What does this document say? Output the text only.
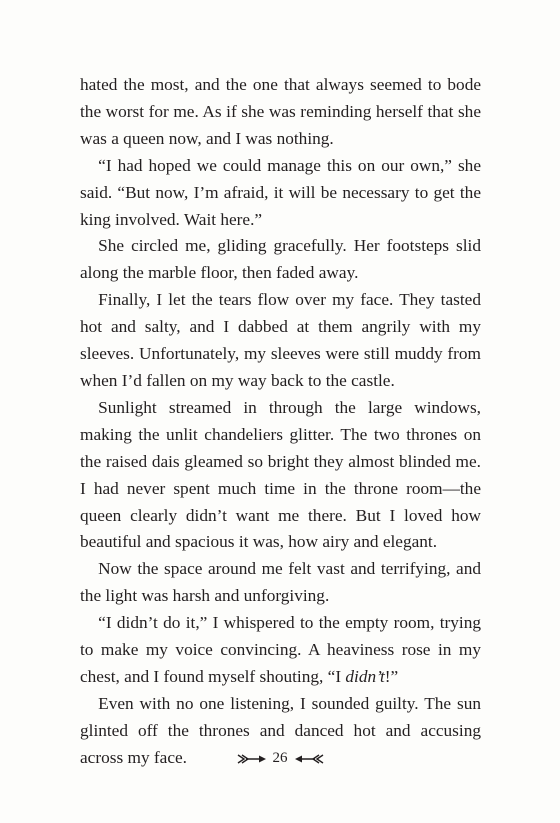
hated the most, and the one that always seemed to bode the worst for me. As if she was reminding herself that she was a queen now, and I was nothing.

“I had hoped we could manage this on our own,” she said. “But now, I’m afraid, it will be necessary to get the king involved. Wait here.”

She circled me, gliding gracefully. Her footsteps slid along the marble floor, then faded away.

Finally, I let the tears flow over my face. They tasted hot and salty, and I dabbed at them angrily with my sleeves. Unfortunately, my sleeves were still muddy from when I’d fallen on my way back to the castle.

Sunlight streamed in through the large windows, making the unlit chandeliers glitter. The two thrones on the raised dais gleamed so bright they almost blinded me. I had never spent much time in the throne room—the queen clearly didn’t want me there. But I loved how beautiful and spacious it was, how airy and elegant.

Now the space around me felt vast and terrifying, and the light was harsh and unforgiving.

“I didn’t do it,” I whispered to the empty room, trying to make my voice convincing. A heaviness rose in my chest, and I found myself shouting, “I didn’t!”

Even with no one listening, I sounded guilty. The sun glinted off the thrones and danced hot and accusing across my face.	26
